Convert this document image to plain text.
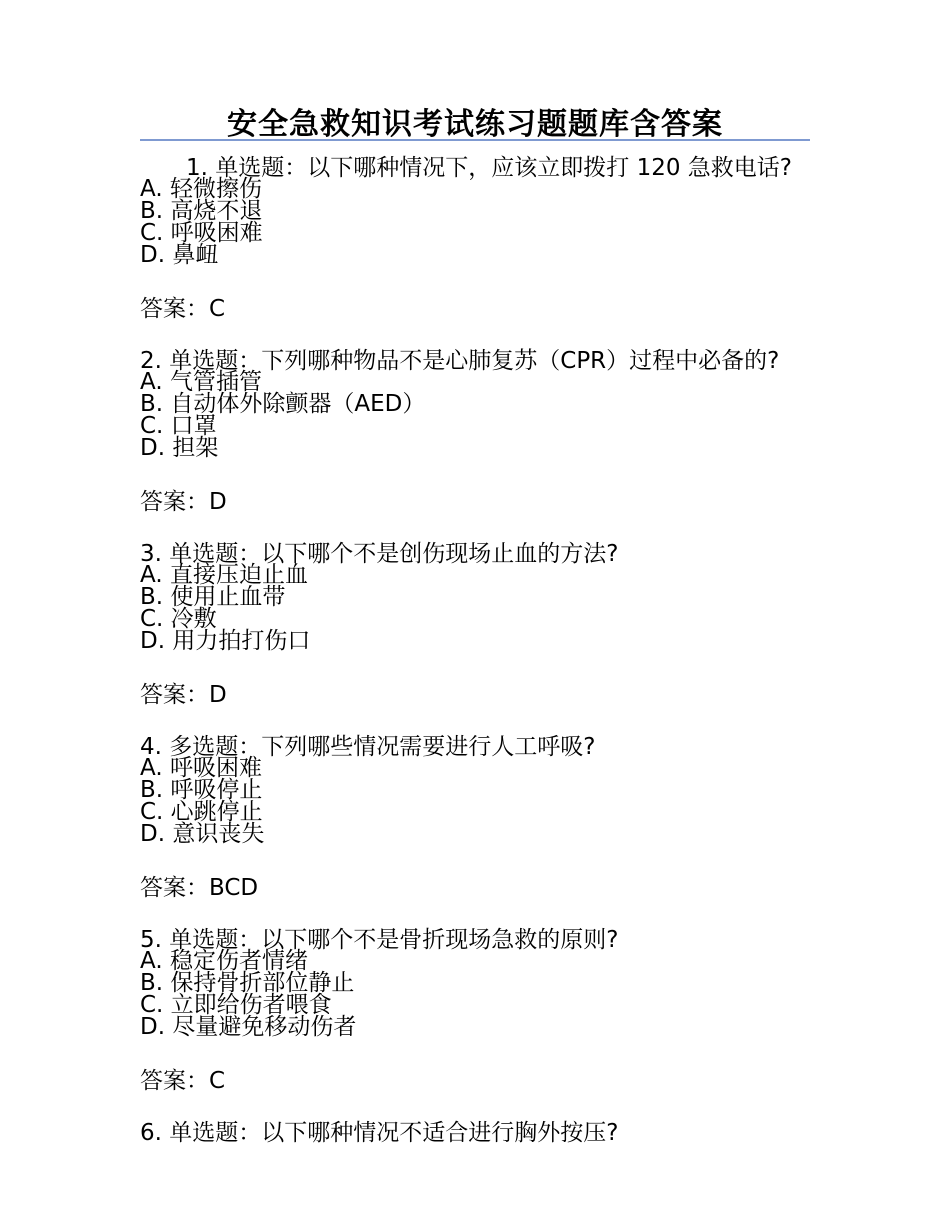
安全急救知识考试练习题题库含答案

1. 单选题：以下哪种情况下，应该立即拨打 120 急救电话?

A. 轻微擦伤

B. 高烧不退

C. 呼吸困难

D. 鼻衄

答案：C

2. 单选题：下列哪种物品不是心肺复苏（CPR）过程中必备的?

A. 气管插管

B. 自动体外除颤器（AED）

C. 口罩

D. 担架

答案：D

3. 单选题：以下哪个不是创伤现场止血的方法?

A. 直接压迫止血

B. 使用止血带

C. 冷敷

D. 用力拍打伤口

答案：D

4. 多选题：下列哪些情况需要进行人工呼吸?

A. 呼吸困难

B. 呼吸停止

C. 心跳停止

D. 意识丧失

答案：BCD

5. 单选题：以下哪个不是骨折现场急救的原则?

A. 稳定伤者情绪

B. 保持骨折部位静止

C. 立即给伤者喂食

D. 尽量避免移动伤者

答案：C

6. 单选题：以下哪种情况不适合进行胸外按压?
